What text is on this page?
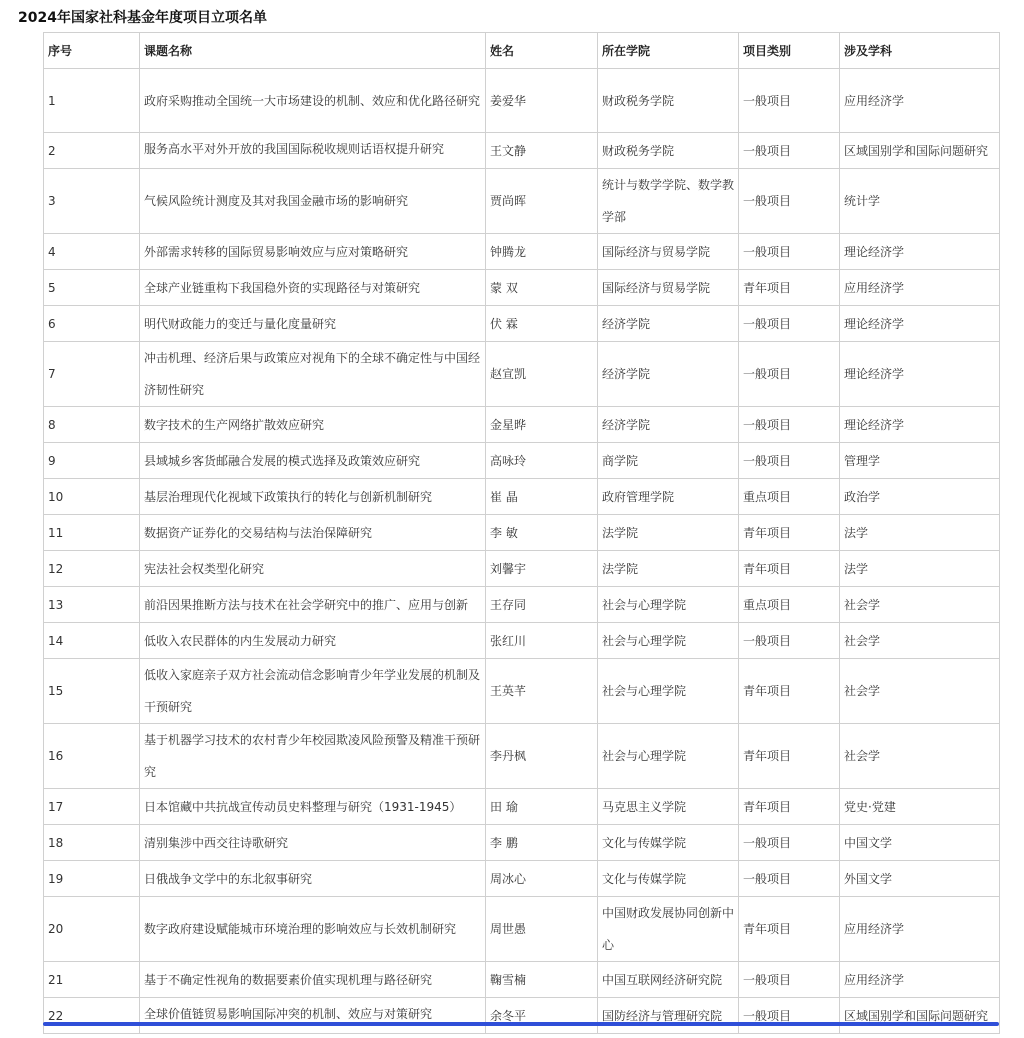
2024年国家社科基金年度项目立项名单
序号	课题名称	姓名	所在学院	项目类别	涉及学科
1	政府采购推动全国统一大市场建设的机制、效应和优化路径研究	姜爱华	财政税务学院	一般项目	应用经济学
2	服务高水平对外开放的我国国际税收规则话语权提升研究	王文静	财政税务学院	一般项目	区域国别学和国际问题研究
3	气候风险统计测度及其对我国金融市场的影响研究	贾尚晖	统计与数学学院、数学教学部	一般项目	统计学
4	外部需求转移的国际贸易影响效应与应对策略研究	钟腾龙	国际经济与贸易学院	一般项目	理论经济学
5	全球产业链重构下我国稳外资的实现路径与对策研究	蒙 双	国际经济与贸易学院	青年项目	应用经济学
6	明代财政能力的变迁与量化度量研究	伏 霖	经济学院	一般项目	理论经济学
7	冲击机理、经济后果与政策应对视角下的全球不确定性与中国经济韧性研究	赵宣凯	经济学院	一般项目	理论经济学
8	数字技术的生产网络扩散效应研究	金星晔	经济学院	一般项目	理论经济学
9	县域城乡客货邮融合发展的模式选择及政策效应研究	高咏玲	商学院	一般项目	管理学
10	基层治理现代化视域下政策执行的转化与创新机制研究	崔 晶	政府管理学院	重点项目	政治学
11	数据资产证券化的交易结构与法治保障研究	李 敏	法学院	青年项目	法学
12	宪法社会权类型化研究	刘馨宇	法学院	青年项目	法学
13	前沿因果推断方法与技术在社会学研究中的推广、应用与创新	王存同	社会与心理学院	重点项目	社会学
14	低收入农民群体的内生发展动力研究	张红川	社会与心理学院	一般项目	社会学
15	低收入家庭亲子双方社会流动信念影响青少年学业发展的机制及干预研究	王英芊	社会与心理学院	青年项目	社会学
16	基于机器学习技术的农村青少年校园欺凌风险预警及精准干预研究	李丹枫	社会与心理学院	青年项目	社会学
17	日本馆藏中共抗战宣传动员史料整理与研究（1931-1945）	田 瑜	马克思主义学院	青年项目	党史·党建
18	清别集涉中西交往诗歌研究	李 鹏	文化与传媒学院	一般项目	中国文学
19	日俄战争文学中的东北叙事研究	周冰心	文化与传媒学院	一般项目	外国文学
20	数字政府建设赋能城市环境治理的影响效应与长效机制研究	周世愚	中国财政发展协同创新中心	青年项目	应用经济学
21	基于不确定性视角的数据要素价值实现机理与路径研究	鞠雪楠	中国互联网经济研究院	一般项目	应用经济学
22	全球价值链贸易影响国际冲突的机制、效应与对策研究	余冬平	国防经济与管理研究院	一般项目	区域国别学和国际问题研究
